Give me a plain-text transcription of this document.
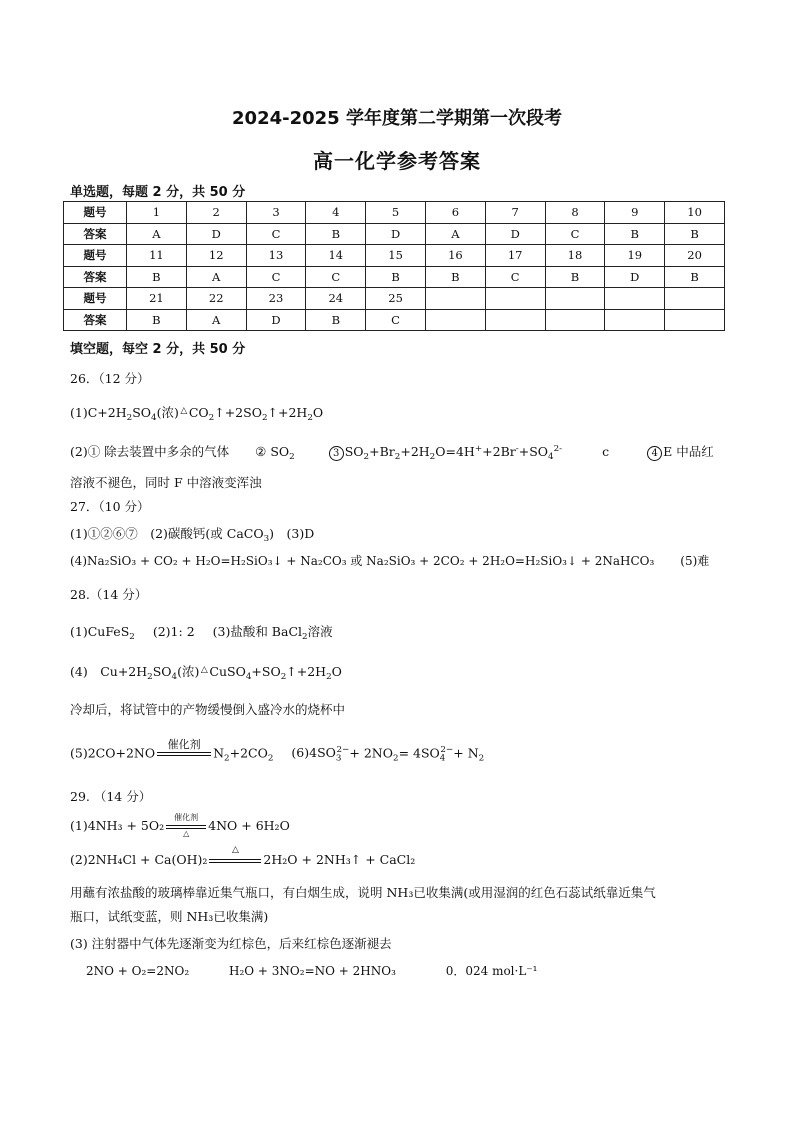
2024-2025 学年度第二学期第一次段考
高一化学参考答案
单选题，每题 2 分，共 50 分
题号	1	2	3	4	5	6	7	8	9	10
答案	A	D	C	B	D	A	D	C	B	B
题号	11	12	13	14	15	16	17	18	19	20
答案	B	A	C	C	B	B	C	B	D	B
题号	21	22	23	24	25					
答案	B	A	D	B	C					
填空题，每空 2 分，共 50 分
26．（12 分）
$(1)C+2H_2SO_4$(浓) △ $CO_2↑+2SO_2↑+2H_2O$
(2)① 除去装置中多余的气体 ② $SO_2$	3 $SO_2+Br_2+2H_2O=4H^++2Br^-+SO_4^{2-}$	c	4 E 中品红
溶液不褪色，同时 F 中溶液变浑浊
27．（10 分）
(1)①②⑥⑦　(2)碳酸钙(或 CaCO$_3$)　(3)D
(4)Na₂SiO₃ + CO₂ + H₂O=H₂SiO₃↓ + Na₂CO₃ 或 Na₂SiO₃ + 2CO₂ + 2H₂O=H₂SiO₃↓ + 2NaHCO₃ (5)难
28.（14 分）
(1)CuFeS$_2$ (2)1: 2 (3)盐酸和 BaCl$_2$溶液
(4)　$Cu+2H_2SO_4$(浓) △ $CuSO_4+SO_2↑+2H_2O$
冷却后，将试管中的产物缓慢倒入盛冷水的烧杯中
(5)2CO+2NO
催化剂
$N_2+2CO_2$ $(6)4SO_3^{2-}+ 2NO_2= 4SO_4^{2-}+ N_2$
29. （14 分）
(1)4NH₃ + 5O₂
催化剂
△	4NO + 6H₂O
(2)2NH₄Cl + Ca(OH)₂
△
2H₂O + 2NH₃↑ + CaCl₂
用蘸有浓盐酸的玻璃棒靠近集气瓶口，有白烟生成，说明 NH₃已收集满(或用湿润的红色石蕊试纸靠近集气
瓶口，试纸变蓝，则 NH₃已收集满)
(3) 注射器中气体先逐渐变为红棕色，后来红棕色逐渐褪去
2NO + O₂=2NO₂	H₂O + 3NO₂=NO + 2HNO₃	0．024 mol·L⁻¹
